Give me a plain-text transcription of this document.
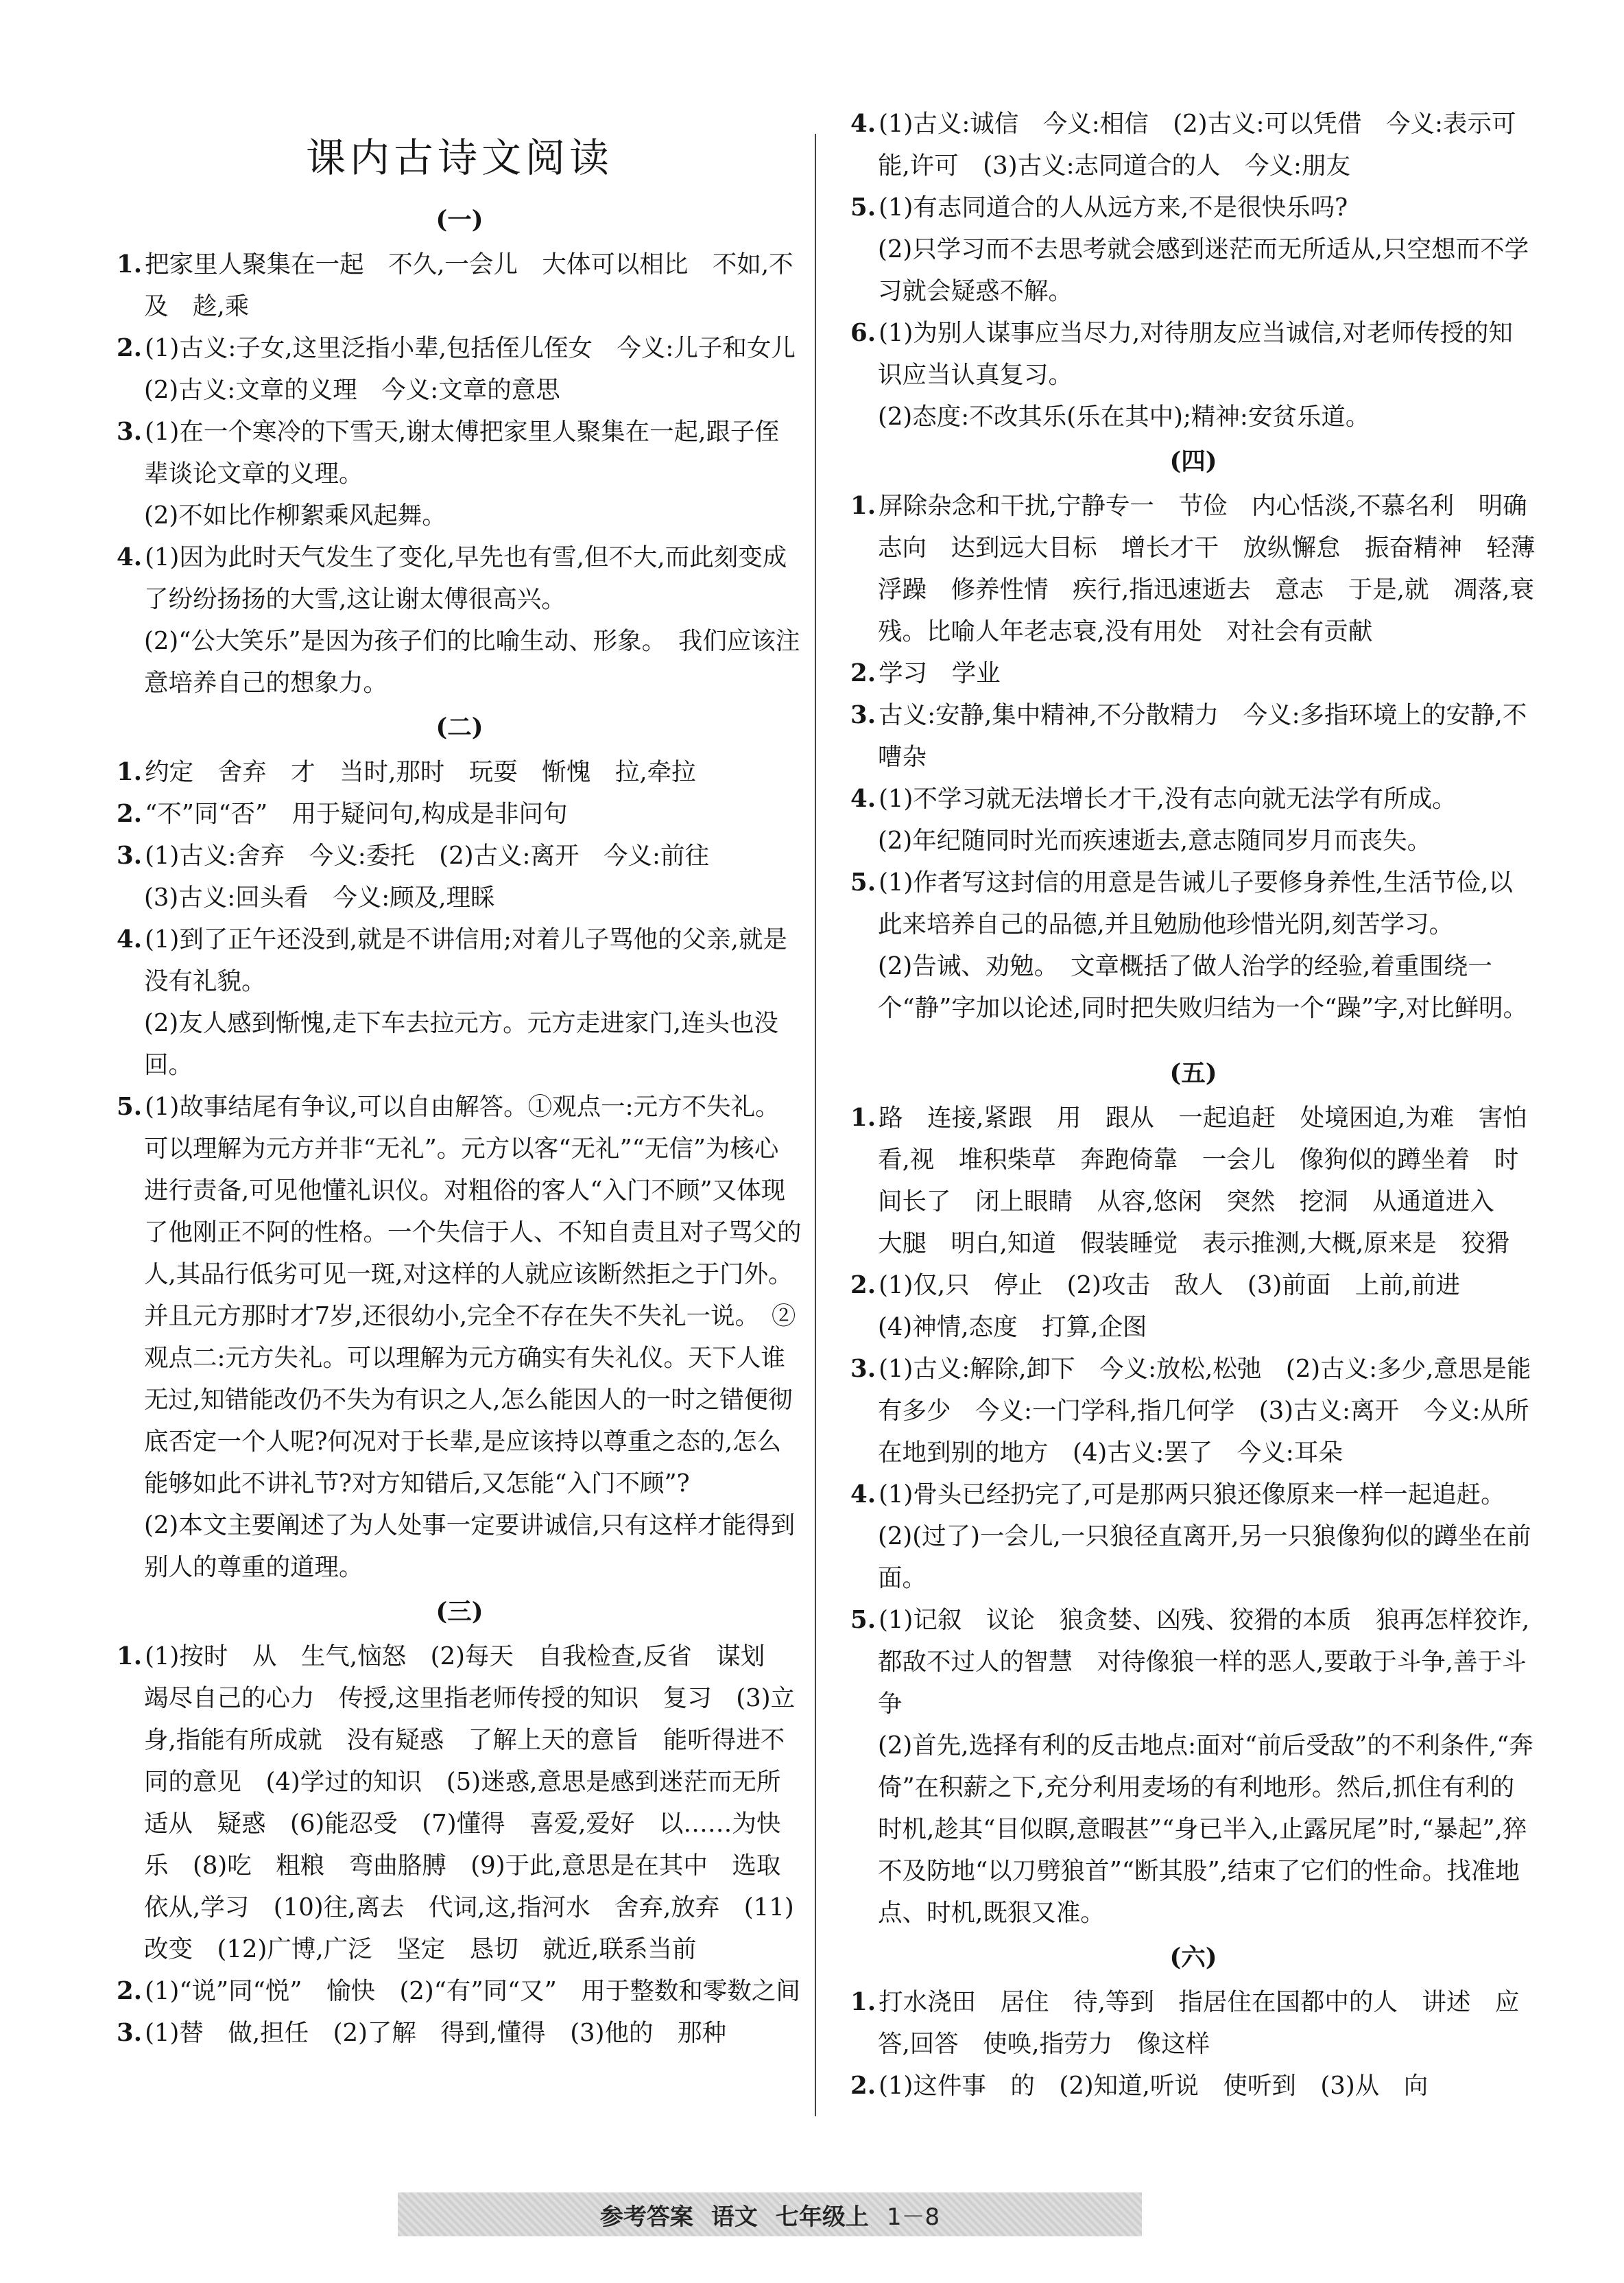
课内古诗文阅读
(一)
1. 把家里人聚集在一起　不久,一会儿　大体可以相比　不如,不及　趁,乘
2. (1)古义:子女,这里泛指小辈,包括侄儿侄女　今义:儿子和女儿　(2)古义:文章的义理　今义:文章的意思
3. (1)在一个寒冷的下雪天,谢太傅把家里人聚集在一起,跟子侄辈谈论文章的义理。
(2)不如比作柳絮乘风起舞。
4. (1)因为此时天气发生了变化,早先也有雪,但不大,而此刻变成了纷纷扬扬的大雪,这让谢太傅很高兴。
(2)“公大笑乐”是因为孩子们的比喻生动、形象。　我们应该注意培养自己的想象力。
(二)
1. 约定　舍弃　才　当时,那时　玩耍　惭愧　拉,牵拉
2. “不”同“否”　用于疑问句,构成是非问句
3. (1)古义:舍弃　今义:委托　(2)古义:离开　今义:前往
(3)古义:回头看　今义:顾及,理睬
4. (1)到了正午还没到,就是不讲信用;对着儿子骂他的父亲,就是没有礼貌。
(2)友人感到惭愧,走下车去拉元方。元方走进家门,连头也没回。
5. (1)故事结尾有争议,可以自由解答。①观点一:元方不失礼。可以理解为元方并非“无礼”。元方以客“无礼”“无信”为核心进行责备,可见他懂礼识仪。对粗俗的客人“入门不顾”又体现了他刚正不阿的性格。一个失信于人、不知自责且对子骂父的人,其品行低劣可见一斑,对这样的人就应该断然拒之于门外。并且元方那时才7岁,还很幼小,完全不存在失不失礼一说。　②观点二:元方失礼。可以理解为元方确实有失礼仪。天下人谁无过,知错能改仍不失为有识之人,怎么能因人的一时之错便彻底否定一个人呢?何况对于长辈,是应该持以尊重之态的,怎么能够如此不讲礼节?对方知错后,又怎能“入门不顾”?
(2)本文主要阐述了为人处事一定要讲诚信,只有这样才能得到别人的尊重的道理。
(三)
1. (1)按时　从　生气,恼怒　(2)每天　自我检查,反省　谋划　竭尽自己的心力　传授,这里指老师传授的知识　复习　(3)立身,指能有所成就　没有疑惑　了解上天的意旨　能听得进不同的意见　(4)学过的知识　(5)迷惑,意思是感到迷茫而无所适从　疑惑　(6)能忍受　(7)懂得　喜爱,爱好　以……为快乐　(8)吃　粗粮　弯曲胳膊　(9)于此,意思是在其中　选取　依从,学习　(10)往,离去　代词,这,指河水　舍弃,放弃　(11)改变　(12)广博,广泛　坚定　恳切　就近,联系当前
2. (1)“说”同“悦”　愉快　(2)“有”同“又”　用于整数和零数之间
3. (1)替　做,担任　(2)了解　得到,懂得　(3)他的　那种
4. (1)古义:诚信　今义:相信　(2)古义:可以凭借　今义:表示可能,许可　(3)古义:志同道合的人　今义:朋友
5. (1)有志同道合的人从远方来,不是很快乐吗?
(2)只学习而不去思考就会感到迷茫而无所适从,只空想而不学习就会疑惑不解。
6. (1)为别人谋事应当尽力,对待朋友应当诚信,对老师传授的知识应当认真复习。
(2)态度:不改其乐(乐在其中);精神:安贫乐道。
(四)
1. 屏除杂念和干扰,宁静专一　节俭　内心恬淡,不慕名利　明确志向　达到远大目标　增长才干　放纵懈怠　振奋精神　轻薄浮躁　修养性情　疾行,指迅速逝去　意志　于是,就　凋落,衰残。比喻人年老志衰,没有用处　对社会有贡献
2. 学习　学业
3. 古义:安静,集中精神,不分散精力　今义:多指环境上的安静,不嘈杂
4. (1)不学习就无法增长才干,没有志向就无法学有所成。
(2)年纪随同时光而疾速逝去,意志随同岁月而丧失。
5. (1)作者写这封信的用意是告诫儿子要修身养性,生活节俭,以此来培养自己的品德,并且勉励他珍惜光阴,刻苦学习。
(2)告诫、劝勉。　文章概括了做人治学的经验,着重围绕一个“静”字加以论述,同时把失败归结为一个“躁”字,对比鲜明。
(五)
1. 路　连接,紧跟　用　跟从　一起追赶　处境困迫,为难　害怕　看,视　堆积柴草　奔跑倚靠　一会儿　像狗似的蹲坐着　时间长了　闭上眼睛　从容,悠闲　突然　挖洞　从通道进入　大腿　明白,知道　假装睡觉　表示推测,大概,原来是　狡猾
2. (1)仅,只　停止　(2)攻击　敌人　(3)前面　上前,前进
(4)神情,态度　打算,企图
3. (1)古义:解除,卸下　今义:放松,松弛　(2)古义:多少,意思是能有多少　今义:一门学科,指几何学　(3)古义:离开　今义:从所在地到别的地方　(4)古义:罢了　今义:耳朵
4. (1)骨头已经扔完了,可是那两只狼还像原来一样一起追赶。
(2)(过了)一会儿,一只狼径直离开,另一只狼像狗似的蹲坐在前面。
5. (1)记叙　议论　狼贪婪、凶残、狡猾的本质　狼再怎样狡诈,都敌不过人的智慧　对待像狼一样的恶人,要敢于斗争,善于斗争
(2)首先,选择有利的反击地点:面对“前后受敌”的不利条件,“奔倚”在积薪之下,充分利用麦场的有利地形。然后,抓住有利的时机,趁其“目似瞑,意暇甚”“身已半入,止露尻尾”时,“暴起”,猝不及防地“以刀劈狼首”“断其股”,结束了它们的性命。找准地点、时机,既狠又准。
(六)
1. 打水浇田　居住　待,等到　指居住在国都中的人　讲述　应答,回答　使唤,指劳力　像这样
2. (1)这件事　的　(2)知道,听说　使听到　(3)从　向
参考答案 语文 七年级上 1－8
